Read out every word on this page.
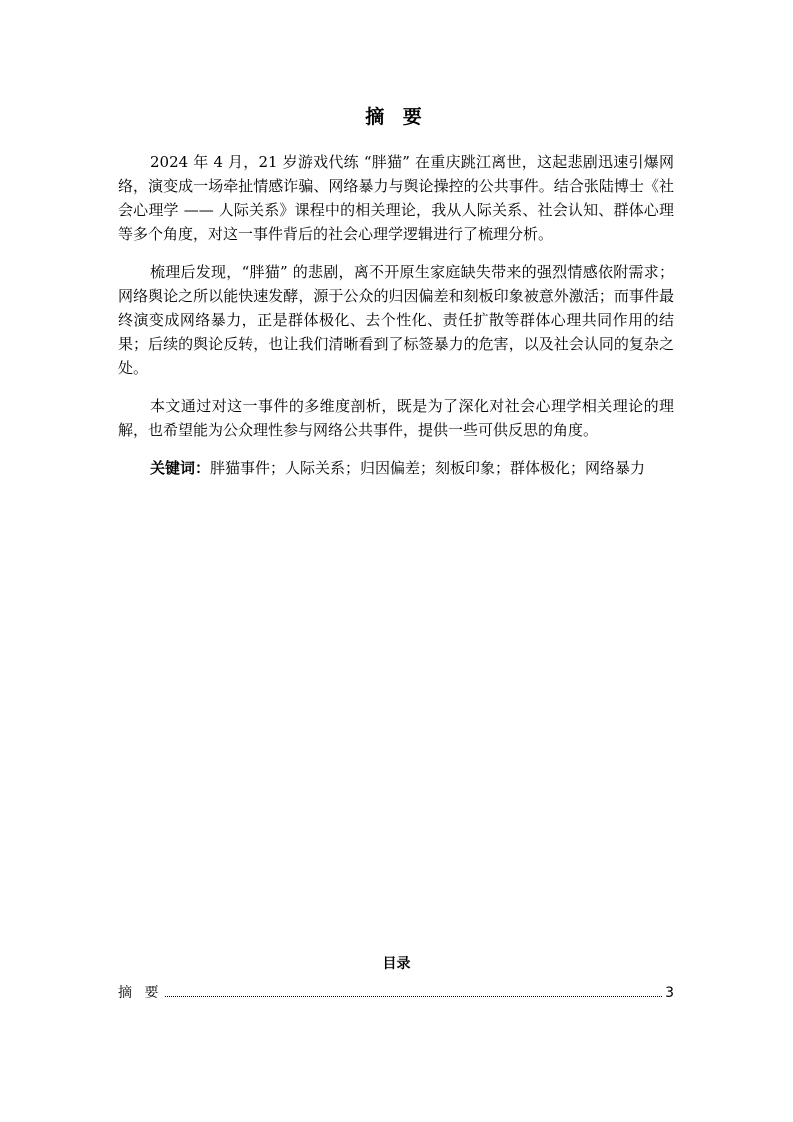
摘 要

2024 年 4 月，21 岁游戏代练 “胖猫” 在重庆跳江离世，这起悲剧迅速引爆网络，演变成一场牵扯情感诈骗、网络暴力与舆论操控的公共事件。结合张陆博士《社会心理学 —— 人际关系》课程中的相关理论，我从人际关系、社会认知、群体心理等多个角度，对这一事件背后的社会心理学逻辑进行了梳理分析。

梳理后发现，“胖猫” 的悲剧，离不开原生家庭缺失带来的强烈情感依附需求；网络舆论之所以能快速发酵，源于公众的归因偏差和刻板印象被意外激活；而事件最终演变成网络暴力，正是群体极化、去个性化、责任扩散等群体心理共同作用的结果；后续的舆论反转，也让我们清晰看到了标签暴力的危害，以及社会认同的复杂之处。

本文通过对这一事件的多维度剖析，既是为了深化对社会心理学相关理论的理解，也希望能为公众理性参与网络公共事件，提供一些可供反思的角度。

关键词：胖猫事件；人际关系；归因偏差；刻板印象；群体极化；网络暴力

目录
摘 要	3
